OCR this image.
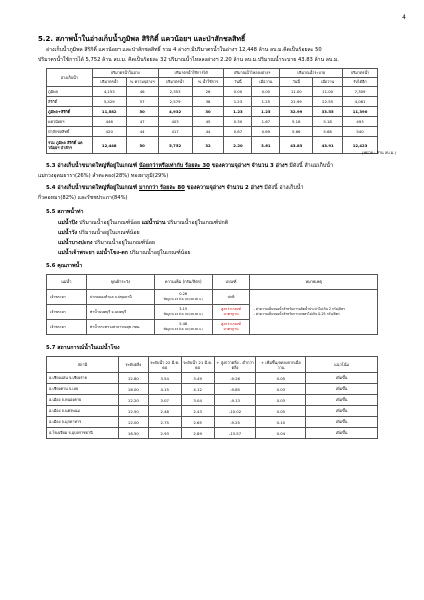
4
5.2. สภาพน้ำในอ่างเก็บน้ำภูมิพล สิริกิติ์ แควน้อยฯ และป่าสักชลสิทธิ์

อ่างเก็บน้ำภูมิพล สิริกิติ์ แควน้อยฯ และป่าสักชลสิทธิ์ รวม 4 อ่างฯ มีปริมาตรน้ำในอ่างฯ 12,448 ล้าน ลบ.ม.คิดเป็นร้อยละ 50

ปริมาตรน้ำใช้การได้ 5,752 ล้าน ลบ.ม. คิดเป็นร้อยละ 32 ปริมาณน้ำไหลลงอ่างฯ 2.20 ล้าน ลบ.ม.ปริมาณน้ำระบาย 43.83 ล้าน ลบ.ม.

อ่างเก็บน้ำ	ปริมาตรน้ำในอ่าง		ปริมาตรน้ำใช้การได้		ปริมาณน้ำไหลลงอ่างฯ		ปริมาณน้ำระบาย		ปริมาตรน้ำ
	ปริมาตรน้ำ	% ความจุอ่างฯ	ปริมาตรน้ำ	% น้ำใช้การ	วันนี้	เมื่อวาน	วันนี้	เมื่อวาน	รับได้อีก
ภูมิพล	4,153	46	2,353	26	0.00	0.00	11.00	11.00	7,309
สิริกิติ์	5,429	57	2,579	38	1.23	1.25	21.99	22.55	4,081
ภูมิพล+สิริกิติ์	11,582	50	4,932	30	1.23	1.25	32.99	33.55	11,390
แควน้อยฯ	446	47	403	45	0.30	1.67	5.18	5.18	493
ป่าสักชลสิทธิ์	420	44	417	44	0.67	0.69	5.66	5.68	540
รวม ภูมิพล สิริกิติ์ แควน้อยฯ ป่าสักฯ	12,448	50	5,752	32	2.20	3.61	43.83	43.91	12,423
(หน่วย : ล้าน ลบ.ม.)
5.3 อ่างเก็บน้ำขนาดใหญ่ที่อยู่ในเกณฑ์ น้อยกว่าหรือเท่ากับ ร้อยละ 30 ของความจุอ่างฯ จำนวน 3 อ่างฯ มีดังนี้ ลำแม่เก็บน้ำ
แม่กวงอุดมธารา(26%) ลำตะคอง(28%) ทองผาภูมิ(29%)
5.4 อ่างเก็บน้ำขนาดใหญ่ที่อยู่ในเกณฑ์ มากกว่า ร้อยละ 80 ของความจุอ่างฯ จำนวน 2 อ่างฯ มีดังนี้ อ่างเก็บน้ำ
กิ่วคอหมา(82%) และรัชชประภา(84%)
5.5 สภาพน้ำท่า
แม่น้ำปิง ปริมาณน้ำอยู่ในเกณฑ์น้อย แม่น้ำน่าน ปริมาณน้ำอยู่ในเกณฑ์ปกติ
แม่น้ำวัง ปริมาณน้ำอยู่ในเกณฑ์น้อย
แม่น้ำบางปะกง ปริมาณน้ำอยู่ในเกณฑ์น้อย
แม่น้ำเจ้าพระยา แม่น้ำโขง-ตก ปริมาณน้ำอยู่ในเกณฑ์น้อย
5.6 คุณภาพน้ำ
แม่น้ำ	จุดเฝ้าระวัง	ความเค็ม (กรัม/ลิตร)	เกณฑ์	หมายเหตุ
เจ้าพระยา	ปากคลองสำแล จ.ปทุมธานี	0.26
ข้อมูล ณ 22 มี.ค. 60 (08.00 น.)	ปกติ	- ค่าความเค็มของน้ำสำหรับการผลิตน้ำประปาไม่เกิน 2 กรัม/ลิตร
- ค่าความเค็มของน้ำสำหรับการเกษตรไม่เกิน 0.25 กรัม/ลิตร
เจ้าพระยา	ท่าน้ำนนทบุรี จ.นนทบุรี	3.15
ข้อมูล ณ 22 มี.ค. 60 (08.00 น.)	สูงกว่าเกณฑ์มาตรฐาน	
เจ้าพระยา	ท่าน้ำกระทรวงสาธารณสุข กทม.	5.48
ข้อมูล ณ 22 มี.ค. 60 (08.00 น.)	สูงกว่าเกณฑ์มาตรฐาน	
5.7 สถานการณ์น้ำในแม่น้ำโขง
สถานี	ระดับตลิ่ง	ระดับน้ำ 22 มี.ค. 60	ระดับน้ำ 21 มี.ค. 60	+ สูงกว่าตลิ่ง - ต่ำกว่าตลิ่ง	+ เพิ่มขึ้น/ลดลงจากเมื่อวาน	แนวโน้ม
อ.เชียงแสน จ.เชียงราย	12.80	3.54	3.49	-9.26	0.05	เพิ่มขึ้น
อ.เชียงคาน จ.เลย	16.00	4.15	4.12	-9.85	0.03	เพิ่มขึ้น
อ.เมือง จ.หนองคาย	12.20	3.07	3.04	-9.13	0.03	เพิ่มขึ้น
อ.เมือง จ.นครพนม	12.50	2.48	2.43	-10.02	0.05	เพิ่มขึ้น
อ.เมือง จ.มุกดาหาร	12.00	2.75	2.65	-9.25	0.10	เพิ่มขึ้น
อ.โขงเจียม จ.อุบลราชธานี	16.50	2.93	2.89	-13.57	0.04	เพิ่มขึ้น
